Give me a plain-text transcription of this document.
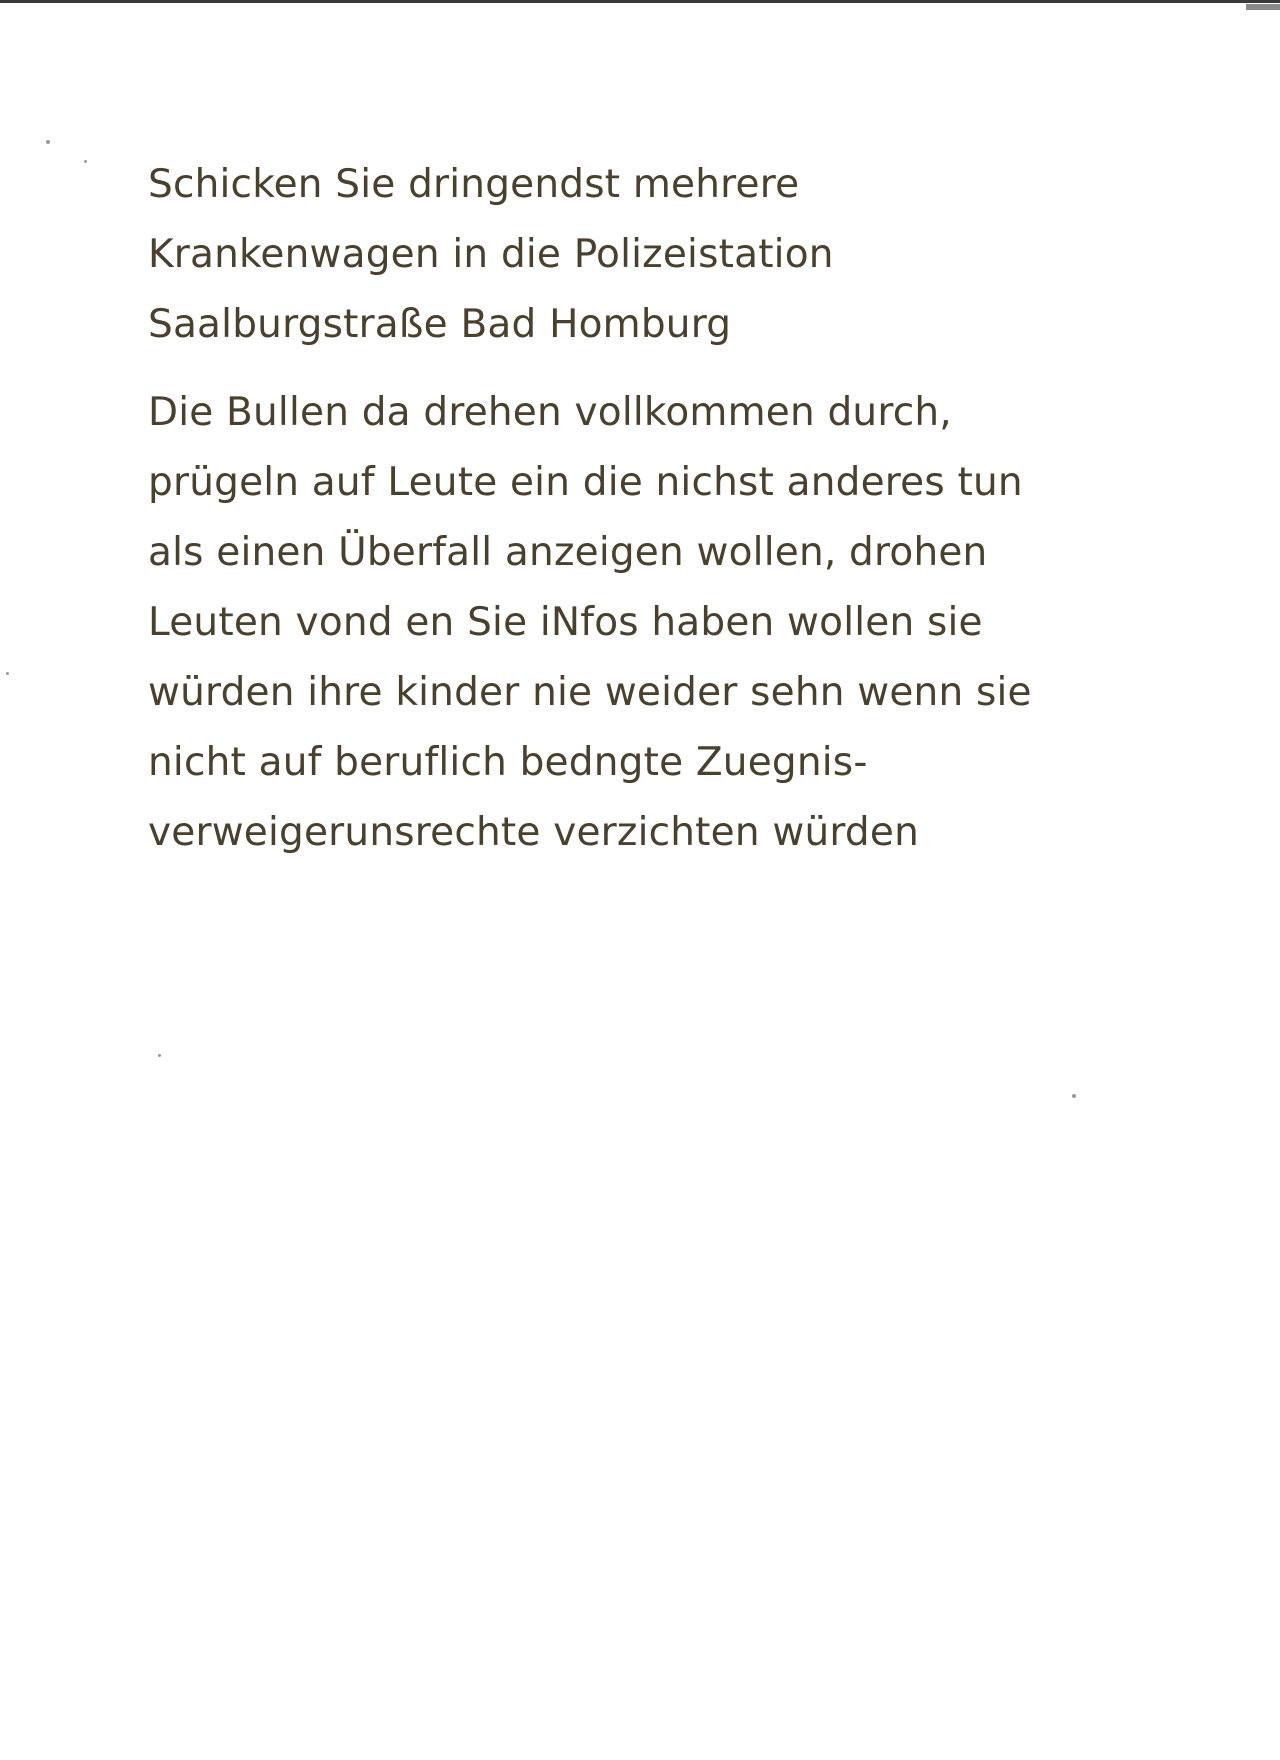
Schicken Sie dringendst mehrere
Krankenwagen in die Polizeistation
Saalburgstraße Bad Homburg
Die Bullen da drehen vollkommen durch,
prügeln auf Leute ein die nichst anderes tun
als einen Überfall anzeigen wollen, drohen
Leuten vond en Sie iNfos haben wollen sie
würden ihre kinder nie weider sehn wenn sie
nicht auf beruflich bedngte Zuegnis-
verweigerunsrechte verzichten würden
